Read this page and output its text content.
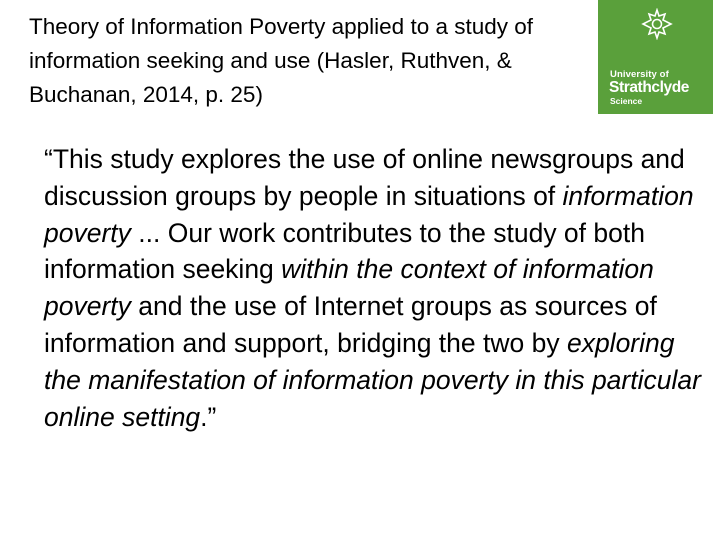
Theory of Information Poverty applied to a study of information seeking and use (Hasler, Ruthven, & Buchanan, 2014, p. 25)
University of
Strathclyde
Science
“This study explores the use of online newsgroups and discussion groups by people in situations of information poverty ... Our work contributes to the study of both information seeking within the context of information poverty and the use of Internet groups as sources of information and support, bridging the two by exploring the manifestation of information poverty in this particular online setting.”
